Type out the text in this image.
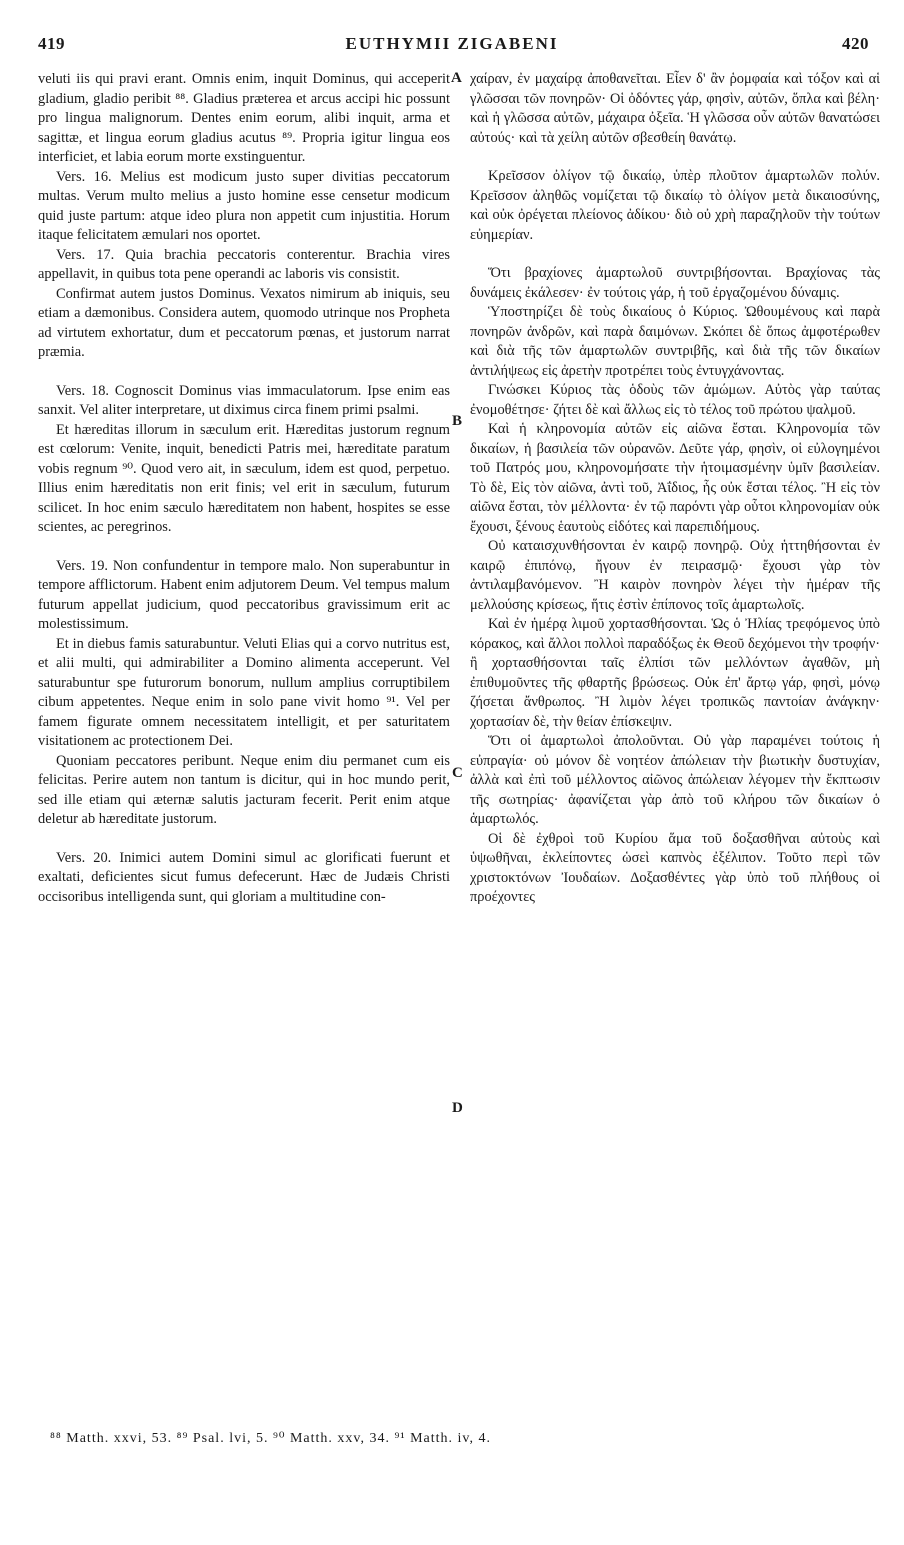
419	EUTHYMII ZIGABENI	420

veluti iis qui pravi erant. Omnis enim, inquit Dominus, qui acceperit gladium, gladio peribit ⁸⁸. Gladius præterea et arcus accipi hic possunt pro lingua malignorum. Dentes enim eorum, alibi inquit, arma et sagittæ, et lingua eorum gladius acutus ⁸⁹. Propria igitur lingua eos interficiet, et labia eorum morte exstinguentur.

Vers. 16. Melius est modicum justo super divitias peccatorum multas. Verum multo melius a justo homine esse censetur modicum quid juste partum: atque ideo plura non appetit cum injustitia. Horum itaque felicitatem æmulari nos oportet.

Vers. 17. Quia brachia peccatoris conterentur. Brachia vires appellavit, in quibus tota pene operandi ac laboris vis consistit.

Confirmat autem justos Dominus. Vexatos nimirum ab iniquis, seu etiam a dæmonibus. Considera autem, quomodo utrinque nos Propheta ad virtutem exhortatur, dum et peccatorum pœnas, et justorum narrat præmia.

Vers. 18. Cognoscit Dominus vias immaculatorum. Ipse enim eas sanxit. Vel aliter interpretare, ut diximus circa finem primi psalmi.

Et hæreditas illorum in sæculum erit. Hæreditas justorum regnum est cœlorum: Venite, inquit, benedicti Patris mei, hæreditate paratum vobis regnum ⁹⁰. Quod vero ait, in sæculum, idem est quod, perpetuo. Illius enim hæreditatis non erit finis; vel erit in sæculum, futurum scilicet. In hoc enim sæculo hæreditatem non habent, hospites se esse scientes, ac peregrinos.

Vers. 19. Non confundentur in tempore malo. Non superabuntur in tempore afflictorum. Habent enim adjutorem Deum. Vel tempus malum futurum appellat judicium, quod peccatoribus gravissimum erit ac molestissimum.

Et in diebus famis saturabuntur. Veluti Elias qui a corvo nutritus est, et alii multi, qui admirabiliter a Domino alimenta acceperunt. Vel saturabuntur spe futurorum bonorum, nullum amplius corruptibilem cibum appetentes. Neque enim in solo pane vivit homo ⁹¹. Vel per famem figurate omnem necessitatem intelligit, et per saturitatem visitationem ac protectionem Dei.

Quoniam peccatores peribunt. Neque enim diu permanet cum eis felicitas. Perire autem non tantum is dicitur, qui in hoc mundo perit, sed ille etiam qui æternæ salutis jacturam fecerit. Perit enim atque deletur ab hæreditate justorum.

Vers. 20. Inimici autem Domini simul ac glorificati fuerunt et exaltati, deficientes sicut fumus defecerunt. Hæc de Judæis Christi occisoribus intelligenda sunt, qui gloriam a multitudine con-

χαίραν, ἐν μαχαίρᾳ ἀποθανεῖται. Εἶεν δ' ἂν ῥομφαία καὶ τόξον καὶ αἱ γλῶσσαι τῶν πονηρῶν· Οἱ ὀδόντες γάρ, φησὶν, αὐτῶν, ὅπλα καὶ βέλη· καὶ ἡ γλῶσσα αὐτῶν, μάχαιρα ὀξεῖα. Ἡ γλῶσσα οὖν αὐτῶν θανατώσει αὐτούς· καὶ τὰ χείλη αὐτῶν σβεσθείη θανάτῳ.

Κρεῖσσον ὀλίγον τῷ δικαίῳ, ὑπὲρ πλοῦτον ἁμαρτωλῶν πολύν. Κρεῖσσον ἀληθῶς νομίζεται τῷ δικαίῳ τὸ ὀλίγον μετὰ δικαιοσύνης, καὶ οὐκ ὀρέγεται πλείονος ἀδίκου· διὸ οὐ χρὴ παραζηλοῦν τὴν τούτων εὐημερίαν.

Ὅτι βραχίονες ἁμαρτωλοῦ συντριβήσονται. Βραχίονας τὰς δυνάμεις ἐκάλεσεν· ἐν τούτοις γάρ, ἡ τοῦ ἐργαζομένου δύναμις.

Ὑποστηρίζει δὲ τοὺς δικαίους ὁ Κύριος. Ὠθουμένους καὶ παρὰ πονηρῶν ἀνδρῶν, καὶ παρὰ δαιμόνων. Σκόπει δὲ ὅπως ἀμφοτέρωθεν καὶ διὰ τῆς τῶν ἁμαρτωλῶν συντριβῆς, καὶ διὰ τῆς τῶν δικαίων ἀντιλήψεως εἰς ἀρετὴν προτρέπει τοὺς ἐντυγχάνοντας.

Γινώσκει Κύριος τὰς ὁδοὺς τῶν ἀμώμων. Αὐτὸς γὰρ ταύτας ἐνομοθέτησε· ζήτει δὲ καὶ ἄλλως εἰς τὸ τέλος τοῦ πρώτου ψαλμοῦ.

Καὶ ἡ κληρονομία αὐτῶν εἰς αἰῶνα ἔσται. Κληρονομία τῶν δικαίων, ἡ βασιλεία τῶν οὐρανῶν. Δεῦτε γάρ, φησὶν, οἱ εὐλογημένοι τοῦ Πατρός μου, κληρονομήσατε τὴν ἡτοιμασμένην ὑμῖν βασιλείαν. Τὸ δὲ, Εἰς τὸν αἰῶνα, ἀντὶ τοῦ, Ἀΐδιος, ἧς οὐκ ἔσται τέλος. Ἢ εἰς τὸν αἰῶνα ἔσται, τὸν μέλλοντα· ἐν τῷ παρόντι γὰρ οὗτοι κληρονομίαν οὐκ ἔχουσι, ξένους ἑαυτοὺς εἰδότες καὶ παρεπιδήμους.

Οὐ καταισχυνθήσονται ἐν καιρῷ πονηρῷ. Οὐχ ἡττηθήσονται ἐν καιρῷ ἐπιπόνῳ, ἤγουν ἐν πειρασμῷ· ἔχουσι γὰρ τὸν ἀντιλαμβανόμενον. Ἢ καιρὸν πονηρὸν λέγει τὴν ἡμέραν τῆς μελλούσης κρίσεως, ἥτις ἐστὶν ἐπίπονος τοῖς ἁμαρτωλοῖς.

Καὶ ἐν ἡμέρᾳ λιμοῦ χορτασθήσονται. Ὡς ὁ Ἠλίας τρεφόμενος ὑπὸ κόρακος, καὶ ἄλλοι πολλοὶ παραδόξως ἐκ Θεοῦ δεχόμενοι τὴν τροφήν· ἢ χορτασθήσονται ταῖς ἐλπίσι τῶν μελλόντων ἀγαθῶν, μὴ ἐπιθυμοῦντες τῆς φθαρτῆς βρώσεως. Οὐκ ἐπ' ἄρτῳ γάρ, φησὶ, μόνῳ ζήσεται ἄνθρωπος. Ἢ λιμὸν λέγει τροπικῶς παντοίαν ἀνάγκην· χορτασίαν δὲ, τὴν θείαν ἐπίσκεψιν.

Ὅτι οἱ ἁμαρτωλοὶ ἀπολοῦνται. Οὐ γὰρ παραμένει τούτοις ἡ εὐπραγία· οὐ μόνον δὲ νοητέον ἀπώλειαν τὴν βιωτικὴν δυστυχίαν, ἀλλὰ καὶ ἐπὶ τοῦ μέλλοντος αἰῶνος ἀπώλειαν λέγομεν τὴν ἔκπτωσιν τῆς σωτηρίας· ἀφανίζεται γὰρ ἀπὸ τοῦ κλήρου τῶν δικαίων ὁ ἁμαρτωλός.

Οἱ δὲ ἐχθροὶ τοῦ Κυρίου ἅμα τοῦ δοξασθῆναι αὐτοὺς καὶ ὑψωθῆναι, ἐκλείποντες ὡσεὶ καπνὸς ἐξέλιπον. Τοῦτο περὶ τῶν χριστοκτόνων Ἰουδαίων. Δοξασθέντες γὰρ ὑπὸ τοῦ πλήθους οἱ προέχοντες

A
B
C
D
⁸⁸ Matth. xxvi, 53. ⁸⁹ Psal. lvi, 5. ⁹⁰ Matth. xxv, 34. ⁹¹ Matth. iv, 4.
